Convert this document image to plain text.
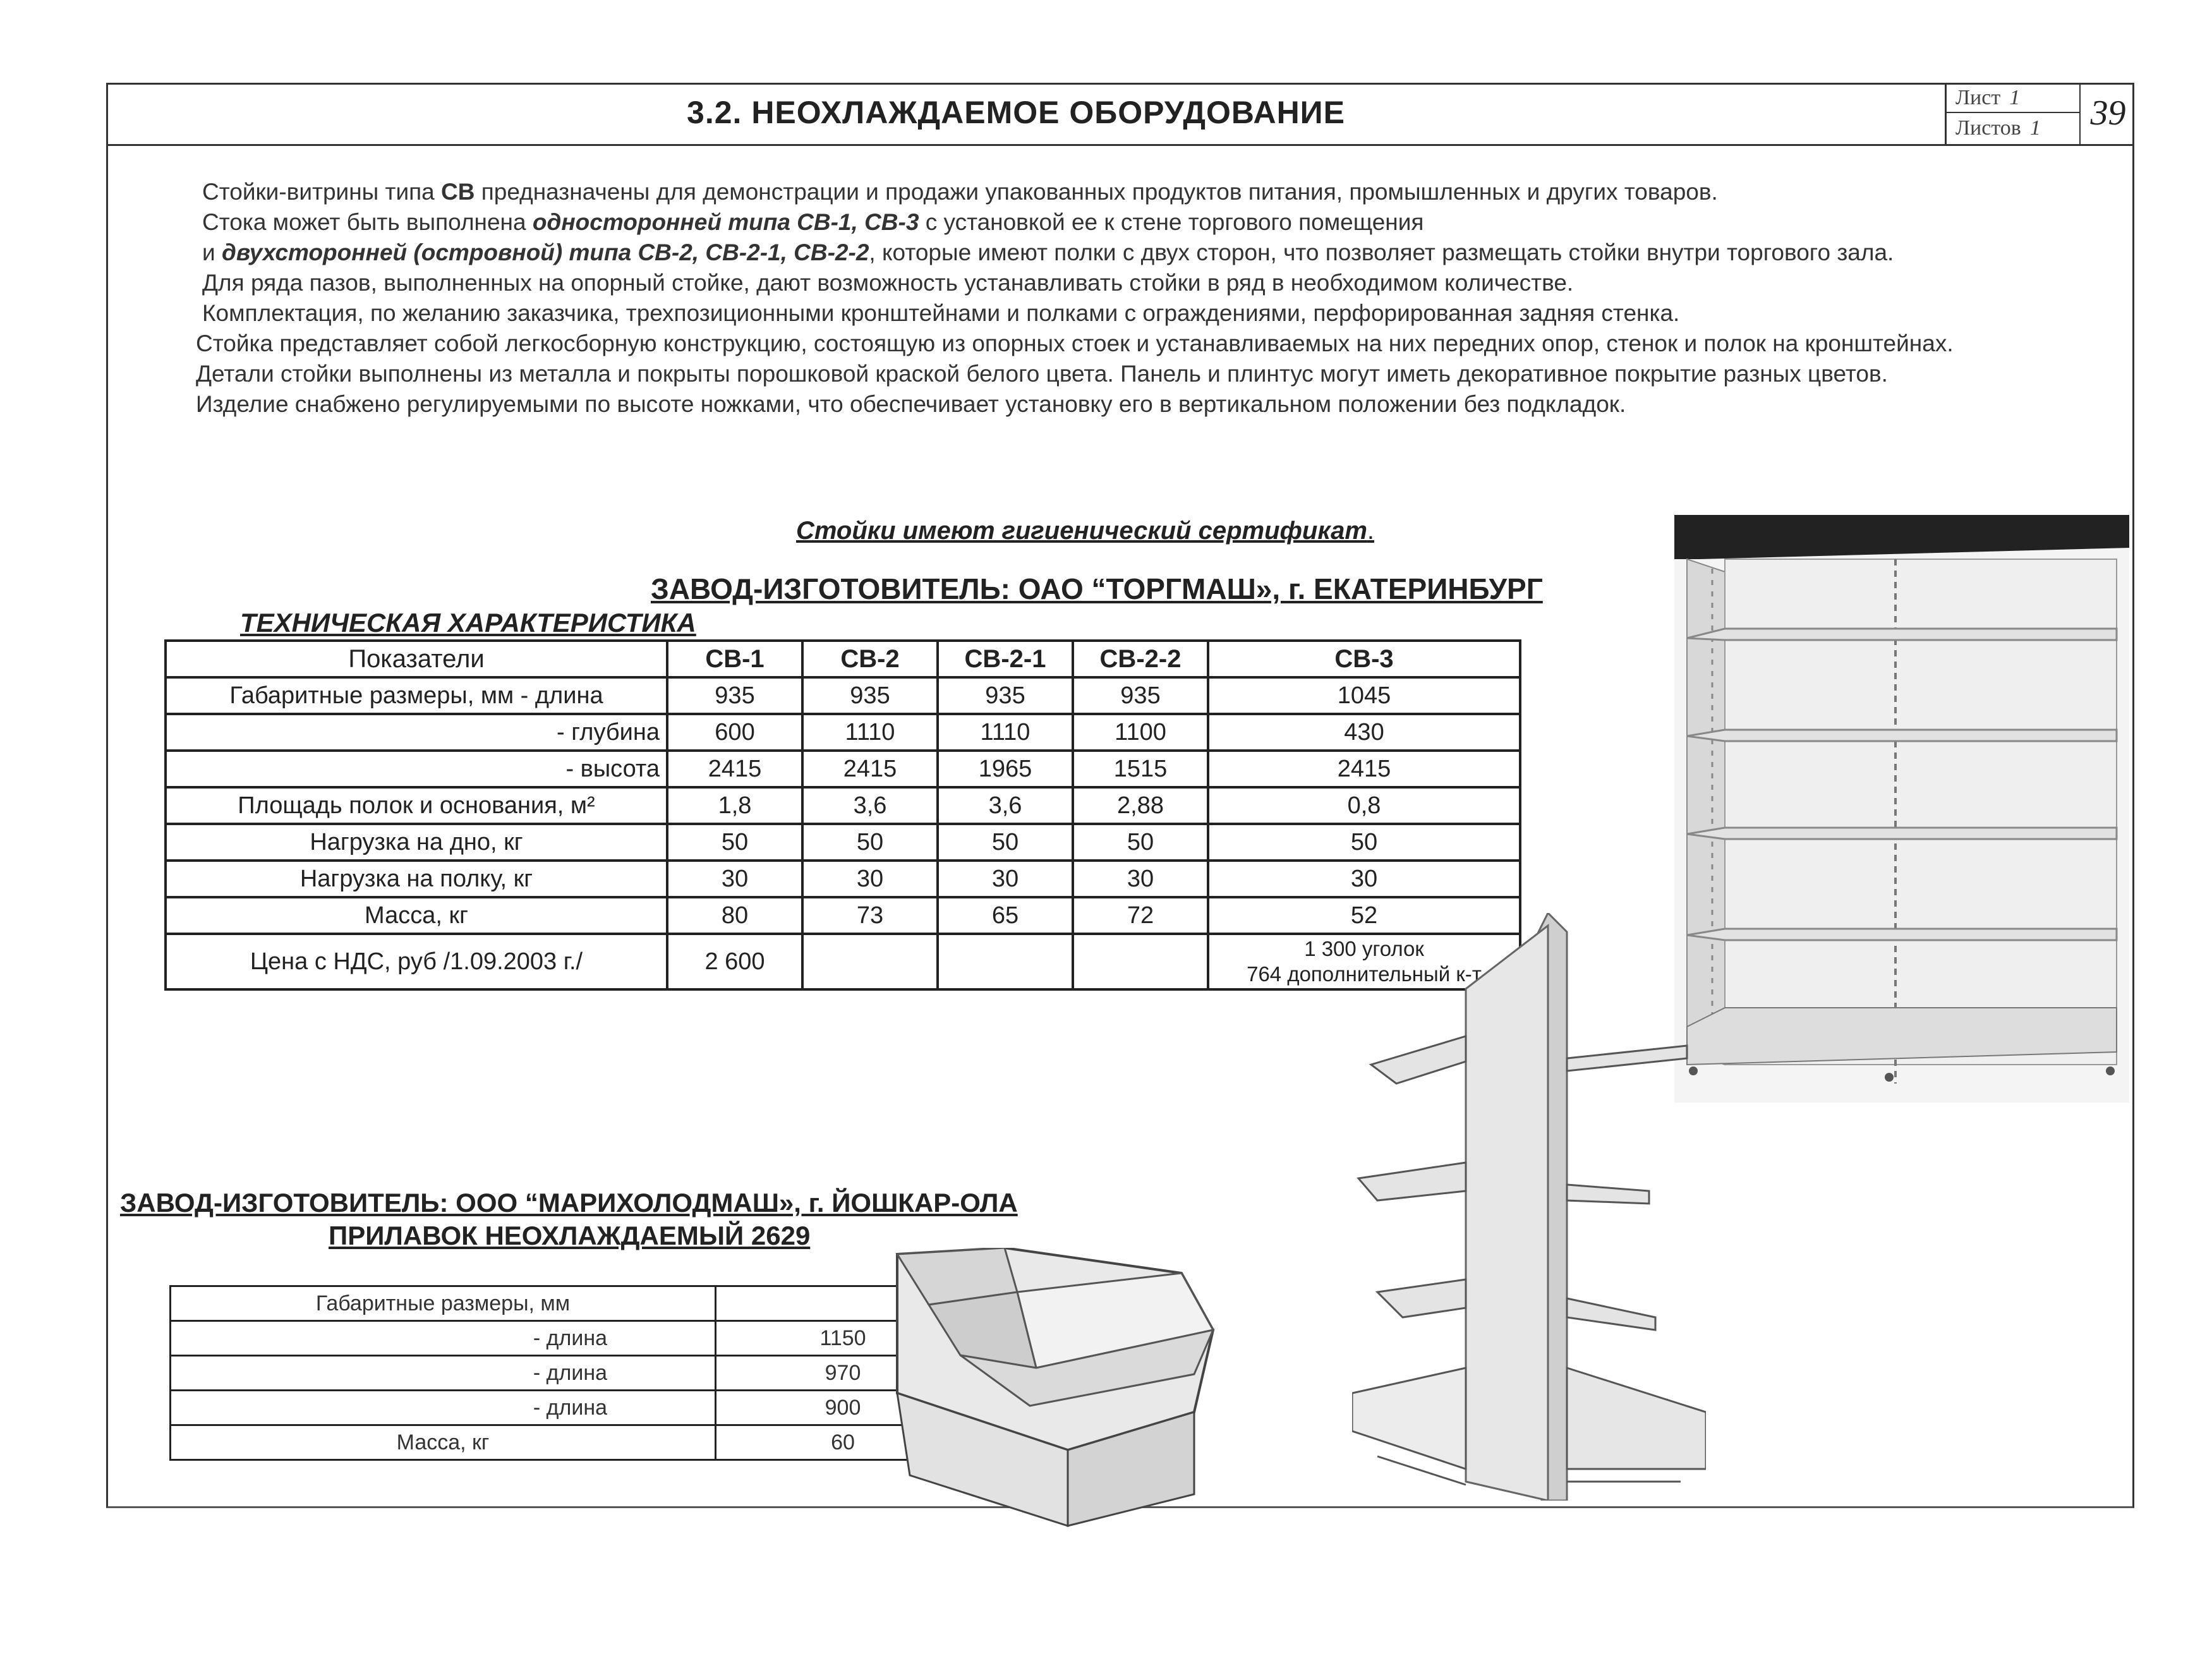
3.2. НЕОХЛАЖДАЕМОЕ ОБОРУДОВАНИЕ	Лист 1
Листов 1	39

Стойки-витрины типа СВ предназначены для демонстрации и продажи упакованных продуктов питания, промышленных и других товаров.

Стока может быть выполнена односторонней типа СВ-1, СВ-3 с установкой ее к стене торгового помещения

и двухсторонней (островной) типа СВ-2, СВ-2-1, СВ-2-2, которые имеют полки с двух сторон, что позволяет размещать стойки внутри торгового зала.

Для ряда пазов, выполненных на опорный стойке, дают возможность устанавливать стойки в ряд в необходимом количестве.

Комплектация, по желанию заказчика, трехпозиционными кронштейнами и полками с ограждениями, перфорированная задняя стенка.

Стойка представляет собой легкосборную конструкцию, состоящую из опорных стоек и устанавливаемых на них передних опор, стенок и полок на кронштейнах.

Детали стойки выполнены из металла и покрыты порошковой краской белого цвета. Панель и плинтус могут иметь декоративное покрытие разных цветов.

Изделие снабжено регулируемыми по высоте ножками, что обеспечивает установку его в вертикальном положении без подкладок.

Стойки имеют гигиенический сертификат.
ЗАВОД-ИЗГОТОВИТЕЛЬ: ОАО “ТОРГМАШ», г. ЕКАТЕРИНБУРГ
ТЕХНИЧЕСКАЯ ХАРАКТЕРИСТИКА
Показатели	СВ-1	СВ-2	СВ-2-1	СВ-2-2	СВ-3
Габаритные размеры, мм - длина	935	935	935	935	1045
- глубина	600	1110	1110	1100	430
- высота	2415	2415	1965	1515	2415
Площадь полок и основания, м²	1,8	3,6	3,6	2,88	0,8
Нагрузка на дно, кг	50	50	50	50	50
Нагрузка на полку, кг	30	30	30	30	30
Масса, кг	80	73	65	72	52
Цена с НДС, руб /1.09.2003 г./	2 600				1 300 уголок
764 дополнительный к-т
ЗАВОД-ИЗГОТОВИТЕЛЬ: ООО “МАРИХОЛОДМАШ», г. ЙОШКАР-ОЛА
ПРИЛАВОК НЕОХЛАЖДАЕМЫЙ 2629
Габаритные размеры, мм	
- длина	1150
- длина	970
- длина	900
Масса, кг	60
